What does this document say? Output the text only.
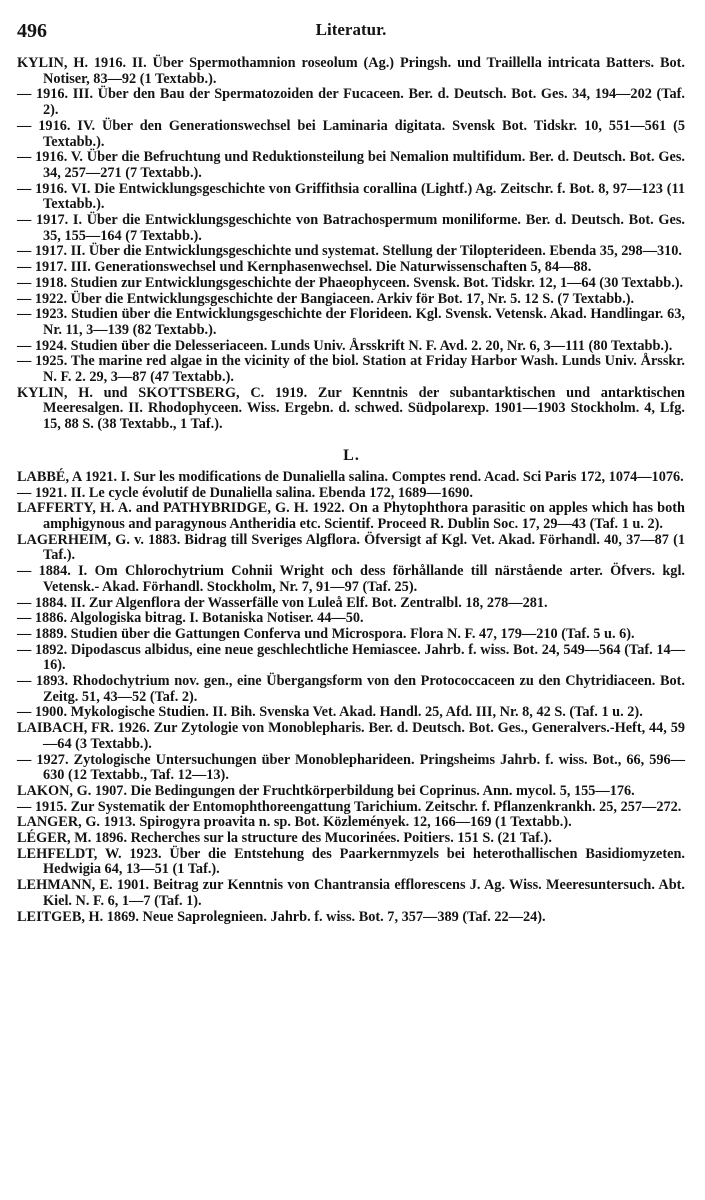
496	Literatur.
KYLIN, H. 1916. II. Über Spermothamnion roseolum (Ag.) Pringsh. und Traillella intricata Batters. Bot. Notiser, 83—92 (1 Textabb.).
— 1916. III. Über den Bau der Spermatozoiden der Fucaceen. Ber. d. Deutsch. Bot. Ges. 34, 194—202 (Taf. 2).
— 1916. IV. Über den Generationswechsel bei Laminaria digitata. Svensk Bot. Tidskr. 10, 551—561 (5 Textabb.).
— 1916. V. Über die Befruchtung und Reduktionsteilung bei Nemalion multifidum. Ber. d. Deutsch. Bot. Ges. 34, 257—271 (7 Textabb.).
— 1916. VI. Die Entwicklungsgeschichte von Griffithsia corallina (Lightf.) Ag. Zeitschr. f. Bot. 8, 97—123 (11 Textabb.).
— 1917. I. Über die Entwicklungsgeschichte von Batrachospermum moniliforme. Ber. d. Deutsch. Bot. Ges. 35, 155—164 (7 Textabb.).
— 1917. II. Über die Entwicklungsgeschichte und systemat. Stellung der Tilopterideen. Ebenda 35, 298—310.
— 1917. III. Generationswechsel und Kernphasenwechsel. Die Naturwissenschaften 5, 84—88.
— 1918. Studien zur Entwicklungsgeschichte der Phaeophyceen. Svensk. Bot. Tidskr. 12, 1—64 (30 Textabb.).
— 1922. Über die Entwicklungsgeschichte der Bangiaceen. Arkiv för Bot. 17, Nr. 5. 12 S. (7 Textabb.).
— 1923. Studien über die Entwicklungsgeschichte der Florideen. Kgl. Svensk. Vetensk. Akad. Handlingar. 63, Nr. 11, 3—139 (82 Textabb.).
— 1924. Studien über die Delesseriaceen. Lunds Univ. Årsskrift N. F. Avd. 2. 20, Nr. 6, 3—111 (80 Textabb.).
— 1925. The marine red algae in the vicinity of the biol. Station at Friday Harbor Wash. Lunds Univ. Årsskr. N. F. 2. 29, 3—87 (47 Textabb.).
KYLIN, H. und SKOTTSBERG, C. 1919. Zur Kenntnis der subantarktischen und antarktischen Meeresalgen. II. Rhodophyceen. Wiss. Ergebn. d. schwed. Südpolarexp. 1901—1903 Stockholm. 4, Lfg. 15, 88 S. (38 Textabb., 1 Taf.).
L.
LABBÉ, A 1921. I. Sur les modifications de Dunaliella salina. Comptes rend. Acad. Sci Paris 172, 1074—1076.
— 1921. II. Le cycle évolutif de Dunaliella salina. Ebenda 172, 1689—1690.
LAFFERTY, H. A. and PATHYBRIDGE, G. H. 1922. On a Phytophthora parasitic on apples which has both amphigynous and paragynous Antheridia etc. Scientif. Proceed R. Dublin Soc. 17, 29—43 (Taf. 1 u. 2).
LAGERHEIM, G. v. 1883. Bidrag till Sveriges Algflora. Öfversigt af Kgl. Vet. Akad. Förhandl. 40, 37—87 (1 Taf.).
— 1884. I. Om Chlorochytrium Cohnii Wright och dess förhållande till närstående arter. Öfvers. kgl. Vetensk.- Akad. Förhandl. Stockholm, Nr. 7, 91—97 (Taf. 25).
— 1884. II. Zur Algenflora der Wasserfälle von Luleå Elf. Bot. Zentralbl. 18, 278—281.
— 1886. Algologiska bitrag. I. Botaniska Notiser. 44—50.
— 1889. Studien über die Gattungen Conferva und Microspora. Flora N. F. 47, 179—210 (Taf. 5 u. 6).
— 1892. Dipodascus albidus, eine neue geschlechtliche Hemiascee. Jahrb. f. wiss. Bot. 24, 549—564 (Taf. 14—16).
— 1893. Rhodochytrium nov. gen., eine Übergangsform von den Protococcaceen zu den Chytridiaceen. Bot. Zeitg. 51, 43—52 (Taf. 2).
— 1900. Mykologische Studien. II. Bih. Svenska Vet. Akad. Handl. 25, Afd. III, Nr. 8, 42 S. (Taf. 1 u. 2).
LAIBACH, FR. 1926. Zur Zytologie von Monoblepharis. Ber. d. Deutsch. Bot. Ges., Generalvers.-Heft, 44, 59—64 (3 Textabb.).
— 1927. Zytologische Untersuchungen über Monoblepharideen. Pringsheims Jahrb. f. wiss. Bot., 66, 596—630 (12 Textabb., Taf. 12—13).
LAKON, G. 1907. Die Bedingungen der Fruchtkörperbildung bei Coprinus. Ann. mycol. 5, 155—176.
— 1915. Zur Systematik der Entomophthoreengattung Tarichium. Zeitschr. f. Pflanzenkrankh. 25, 257—272.
LANGER, G. 1913. Spirogyra proavita n. sp. Bot. Közlemények. 12, 166—169 (1 Textabb.).
LÉGER, M. 1896. Recherches sur la structure des Mucorinées. Poitiers. 151 S. (21 Taf.).
LEHFELDT, W. 1923. Über die Entstehung des Paarkernmyzels bei heterothallischen Basidiomyzeten. Hedwigia 64, 13—51 (1 Taf.).
LEHMANN, E. 1901. Beitrag zur Kenntnis von Chantransia efflorescens J. Ag. Wiss. Meeresuntersuch. Abt. Kiel. N. F. 6, 1—7 (Taf. 1).
LEITGEB, H. 1869. Neue Saprolegnieen. Jahrb. f. wiss. Bot. 7, 357—389 (Taf. 22—24).
